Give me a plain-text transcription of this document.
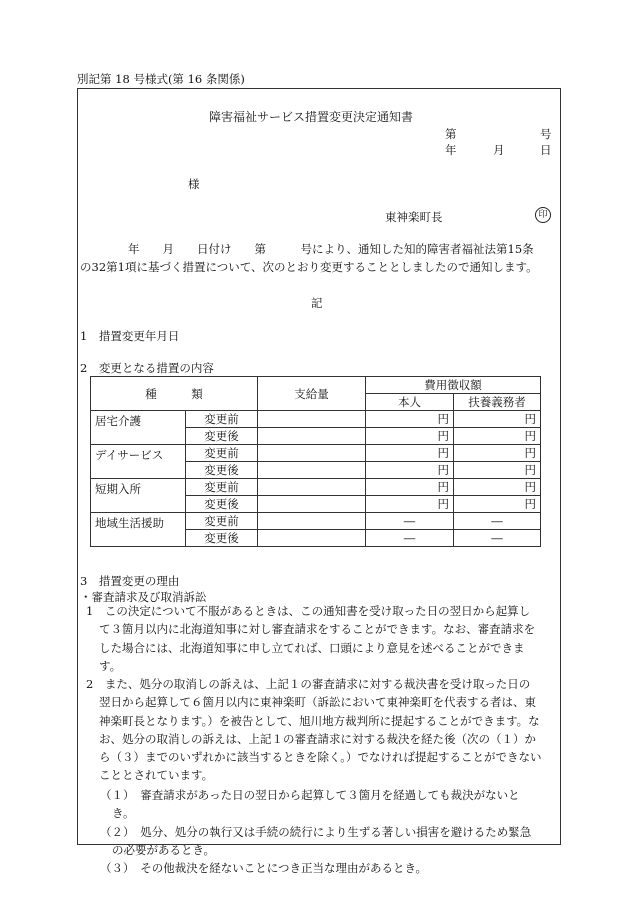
別記第 18 号様式(第 16 条関係)
障害福祉サービス措置変更決定通知書
第	号
年	月	日
様
東神楽町長	印
年　　月　　日付け　　第　　　号により、通知した知的障害者福祉法第15条
の32第1項に基づく措置について、次のとおり変更することとしましたので通知します。
記
1　措置変更年月日
2　変更となる措置の内容
種　　　類		支給量	費用徴収額	
			本人	扶養義務者
居宅介護	変更前		円	円
	変更後		円	円
デイサービス	変更前		円	円
	変更後		円	円
短期入所	変更前		円	円
	変更後		円	円
地域生活援助	変更前		―	―
	変更後		―	―
3　措置変更の理由
・審査請求及び取消訴訟
1　この決定について不服があるときは、この通知書を受け取った日の翌日から起算し
て３箇月以内に北海道知事に対し審査請求をすることができます。なお、審査請求を
した場合には、北海道知事に申し立てれば、口頭により意見を述べることができま
す。
2　また、処分の取消しの訴えは、上記１の審査請求に対する裁決書を受け取った日の
翌日から起算して６箇月以内に東神楽町（訴訟において東神楽町を代表する者は、東
神楽町長となります。）を被告として、旭川地方裁判所に提起することができます。な
お、処分の取消しの訴えは、上記１の審査請求に対する裁決を経た後（次の（１）か
ら（３）までのいずれかに該当するときを除く。）でなければ提起することができない
こととされています。
（１）　審査請求があった日の翌日から起算して３箇月を経過しても裁決がないと
き。
（２）　処分、処分の執行又は手続の続行により生ずる著しい損害を避けるため緊急
の必要があるとき。
（３）　その他裁決を経ないことにつき正当な理由があるとき。
